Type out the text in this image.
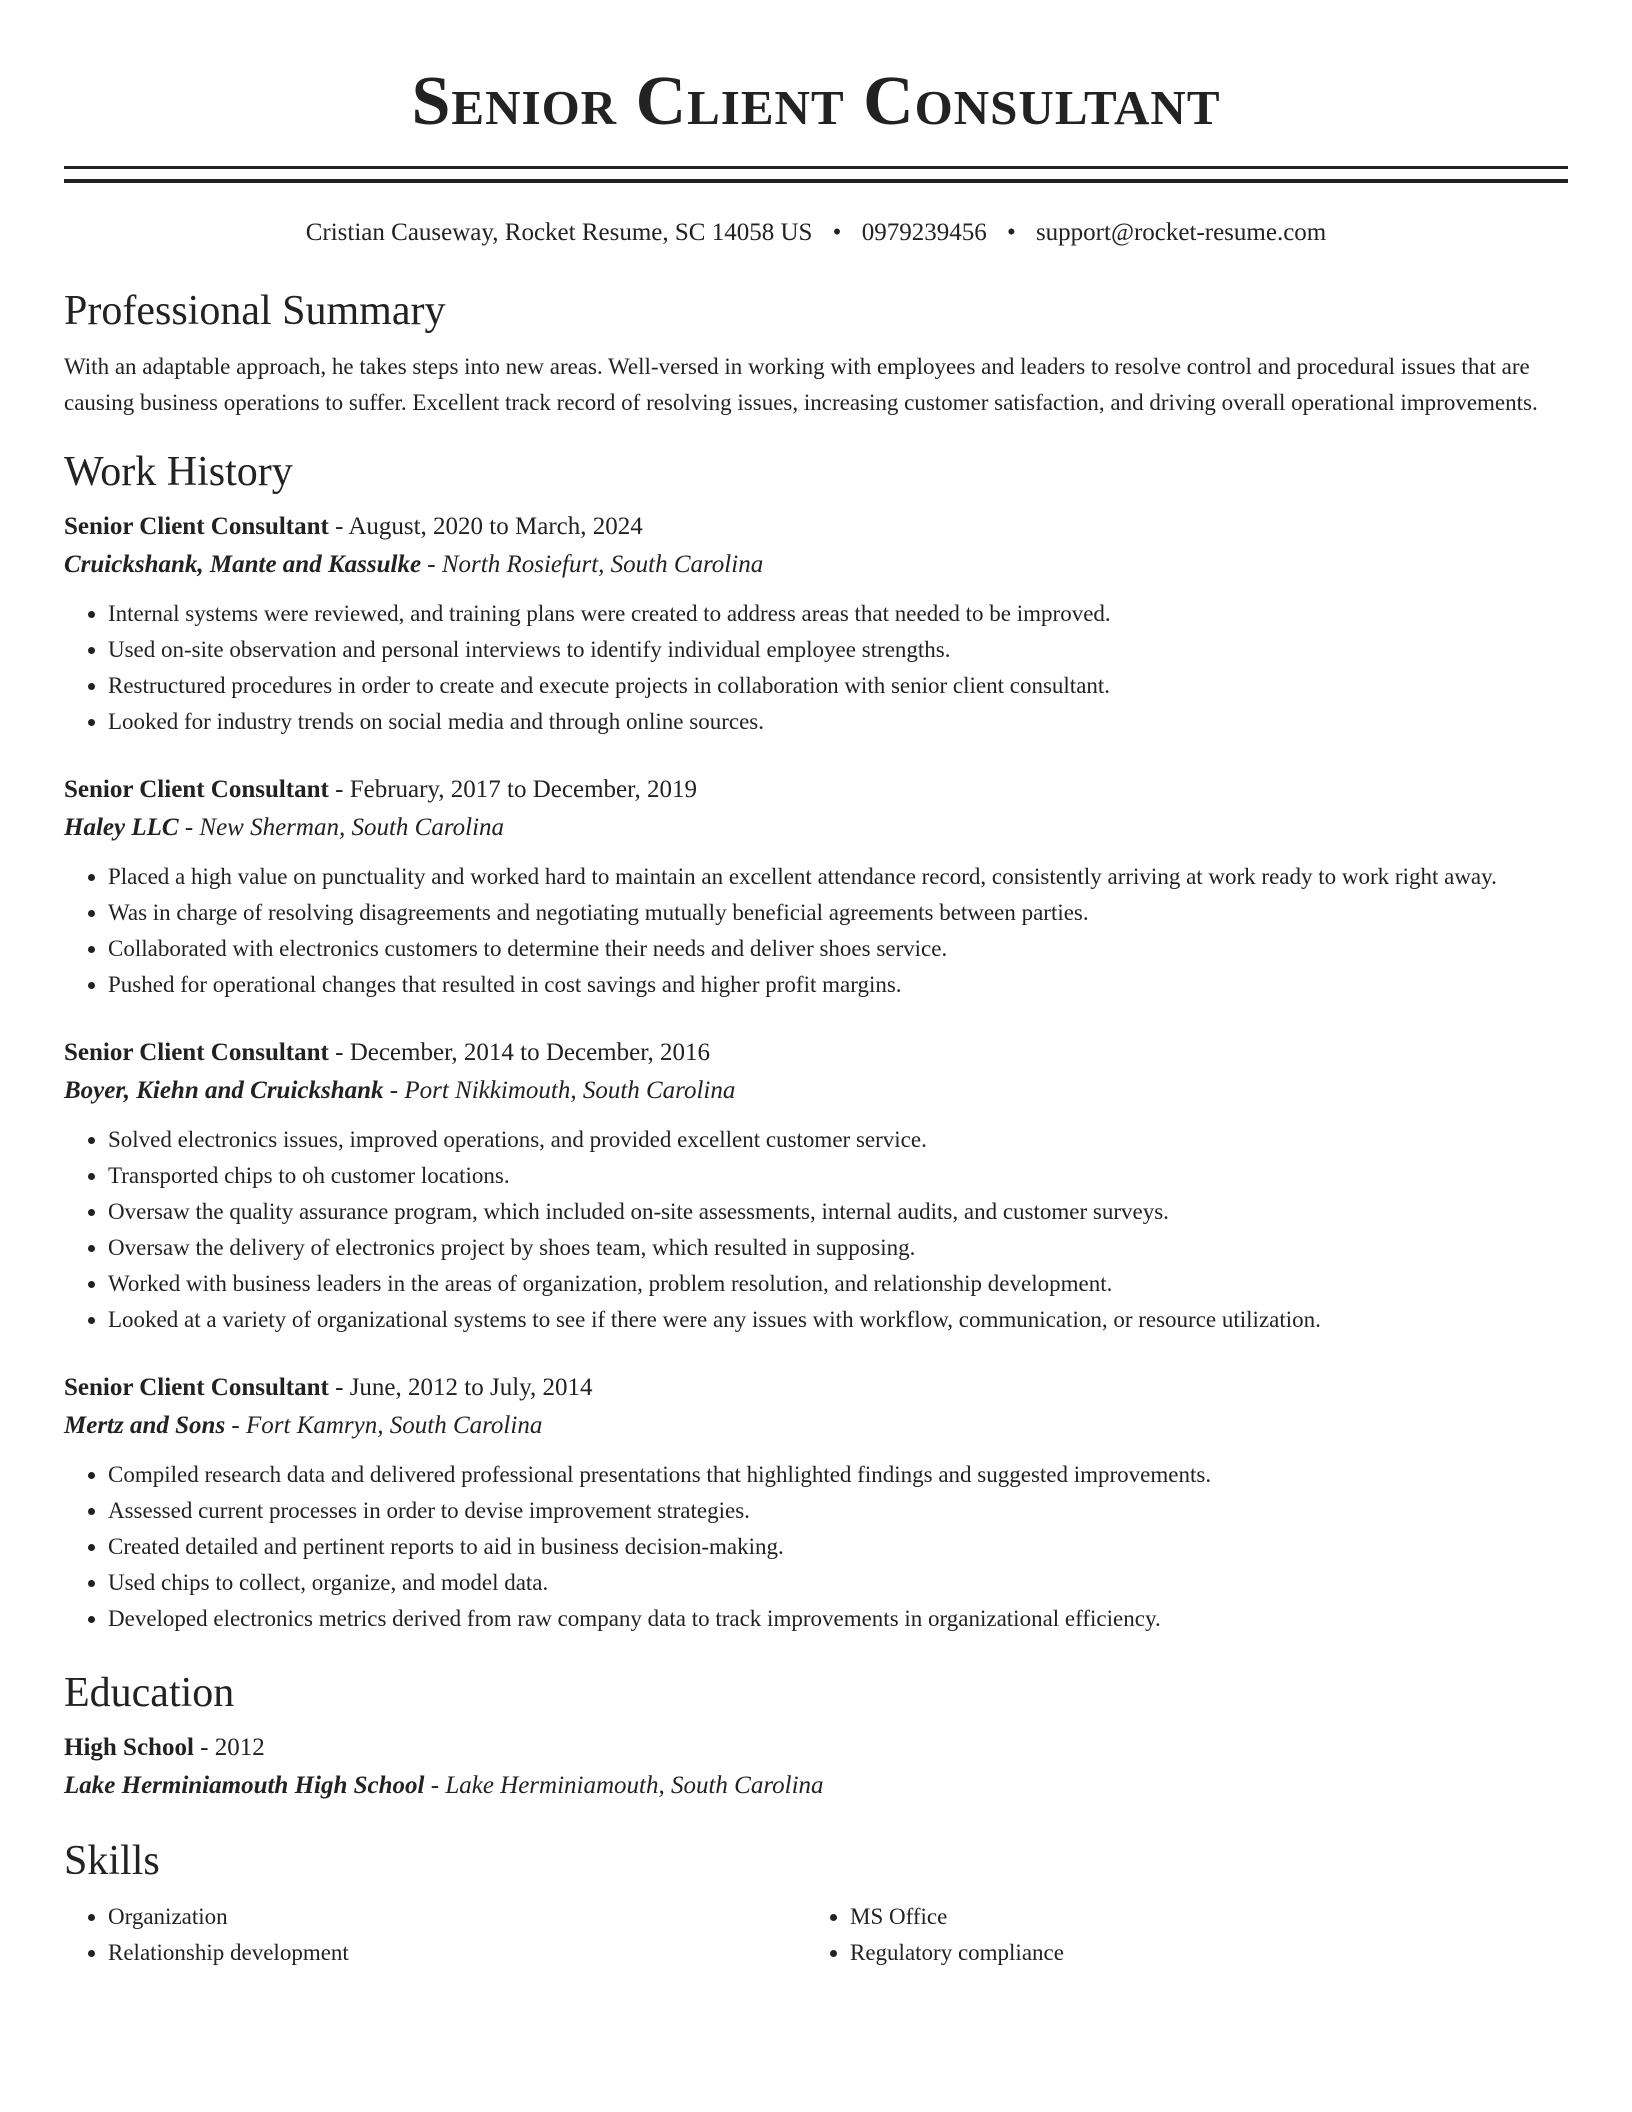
Senior Client Consultant
Cristian Causeway, Rocket Resume, SC 14058 US • 0979239456 • support@rocket-resume.com
Professional Summary

With an adaptable approach, he takes steps into new areas. Well-versed in working with employees and leaders to resolve control and procedural issues that are causing business operations to suffer. Excellent track record of resolving issues, increasing customer satisfaction, and driving overall operational improvements.

Work History
Senior Client Consultant - August, 2020 to March, 2024
Cruickshank, Mante and Kassulke - North Rosiefurt, South Carolina
• Internal systems were reviewed, and training plans were created to address areas that needed to be improved.
• Used on-site observation and personal interviews to identify individual employee strengths.
• Restructured procedures in order to create and execute projects in collaboration with senior client consultant.
• Looked for industry trends on social media and through online sources.
Senior Client Consultant - February, 2017 to December, 2019
Haley LLC - New Sherman, South Carolina
• Placed a high value on punctuality and worked hard to maintain an excellent attendance record, consistently arriving at work ready to work right away.
• Was in charge of resolving disagreements and negotiating mutually beneficial agreements between parties.
• Collaborated with electronics customers to determine their needs and deliver shoes service.
• Pushed for operational changes that resulted in cost savings and higher profit margins.
Senior Client Consultant - December, 2014 to December, 2016
Boyer, Kiehn and Cruickshank - Port Nikkimouth, South Carolina
• Solved electronics issues, improved operations, and provided excellent customer service.
• Transported chips to oh customer locations.
• Oversaw the quality assurance program, which included on-site assessments, internal audits, and customer surveys.
• Oversaw the delivery of electronics project by shoes team, which resulted in supposing.
• Worked with business leaders in the areas of organization, problem resolution, and relationship development.
• Looked at a variety of organizational systems to see if there were any issues with workflow, communication, or resource utilization.
Senior Client Consultant - June, 2012 to July, 2014
Mertz and Sons - Fort Kamryn, South Carolina
• Compiled research data and delivered professional presentations that highlighted findings and suggested improvements.
• Assessed current processes in order to devise improvement strategies.
• Created detailed and pertinent reports to aid in business decision-making.
• Used chips to collect, organize, and model data.
• Developed electronics metrics derived from raw company data to track improvements in organizational efficiency.
Education
High School - 2012
Lake Herminiamouth High School - Lake Herminiamouth, South Carolina
Skills
• Organization
• Relationship development
• MS Office
• Regulatory compliance
